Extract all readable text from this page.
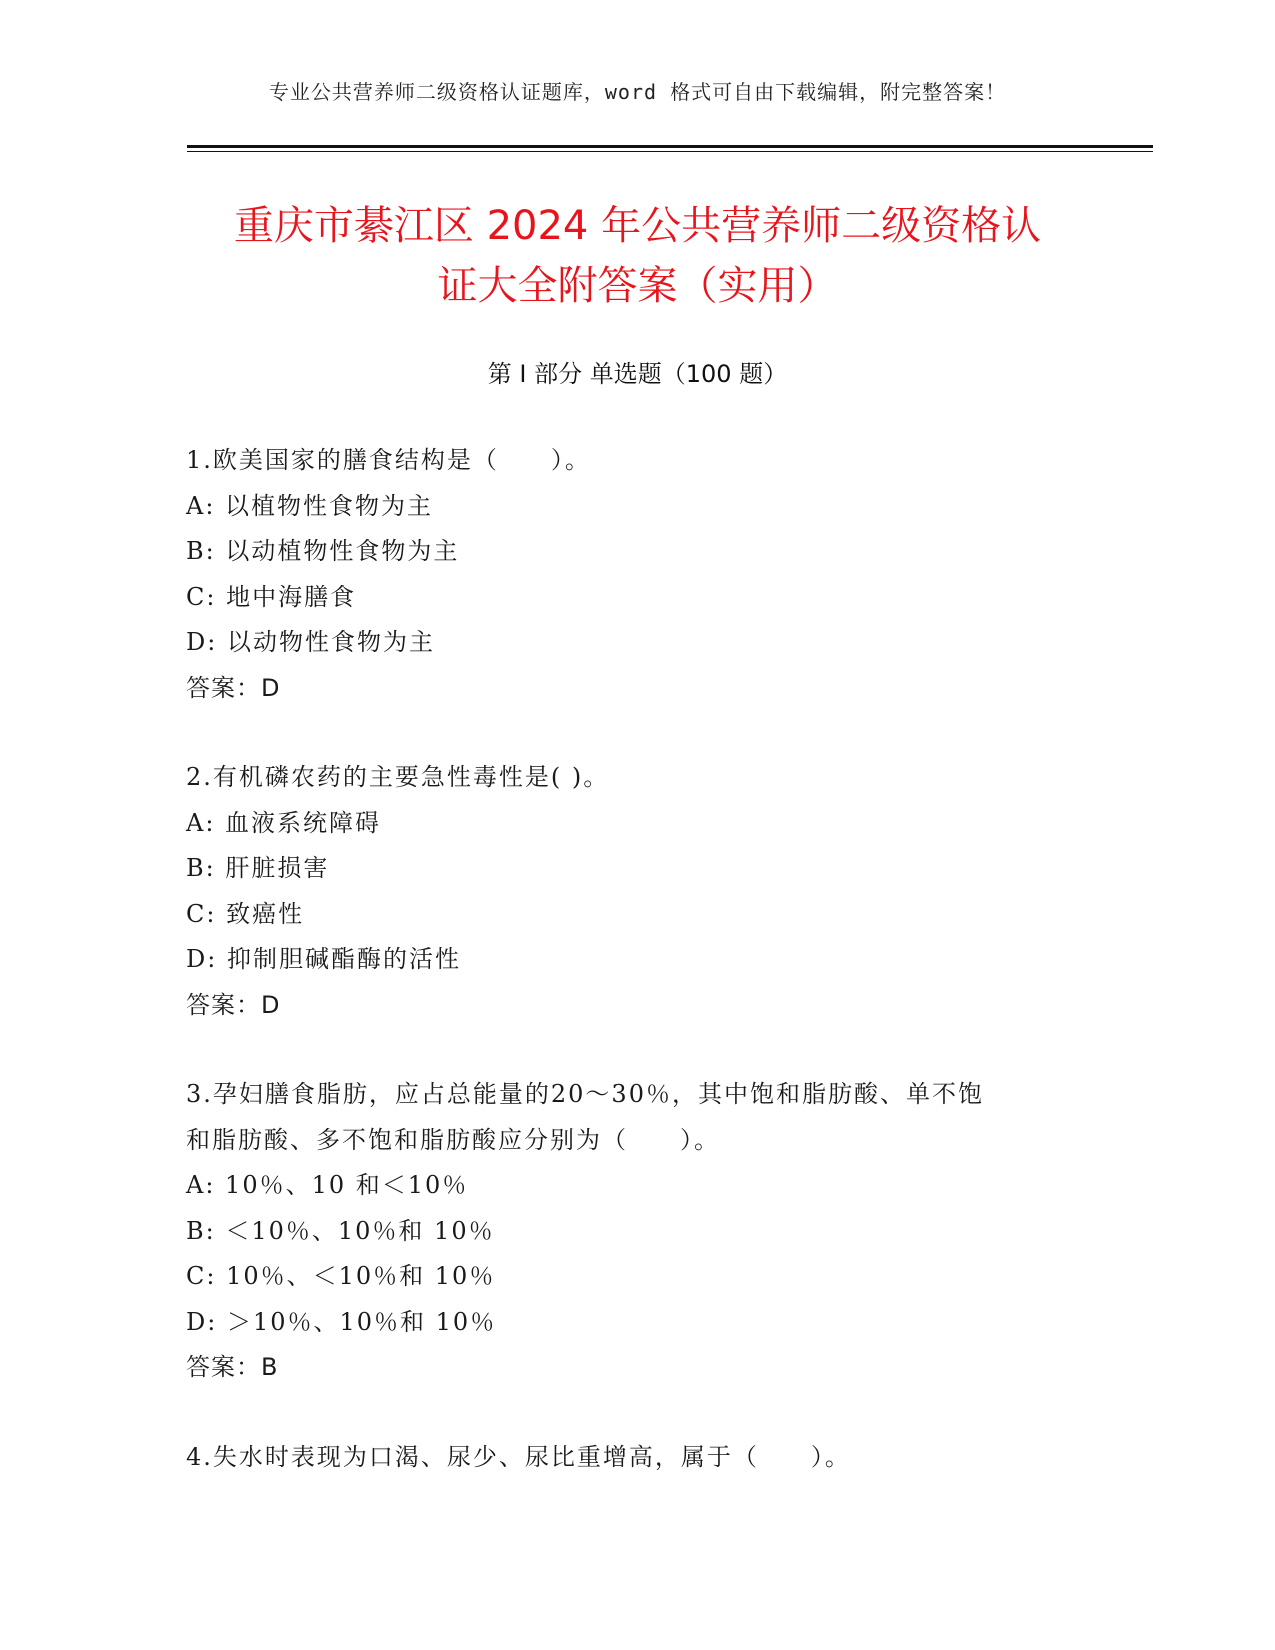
专业公共营养师二级资格认证题库，word 格式可自由下载编辑，附完整答案！
重庆市綦江区 2024 年公共营养师二级资格认
证大全附答案（实用）
第 I 部分 单选题（100 题）
1.欧美国家的膳食结构是（　　）。
A: 以植物性食物为主
B: 以动植物性食物为主
C: 地中海膳食
D: 以动物性食物为主
答案：D
2.有机磷农药的主要急性毒性是( )。
A: 血液系统障碍
B: 肝脏损害
C: 致癌性
D: 抑制胆碱酯酶的活性
答案：D
3.孕妇膳食脂肪，应占总能量的20～30％，其中饱和脂肪酸、单不饱
和脂肪酸、多不饱和脂肪酸应分别为（　　）。
A: 10％、10 和＜10％
B: ＜10％、10％和 10％
C: 10％、＜10％和 10％
D: ＞10％、10％和 10％
答案：B
4.失水时表现为口渴、尿少、尿比重增高，属于（　　）。
